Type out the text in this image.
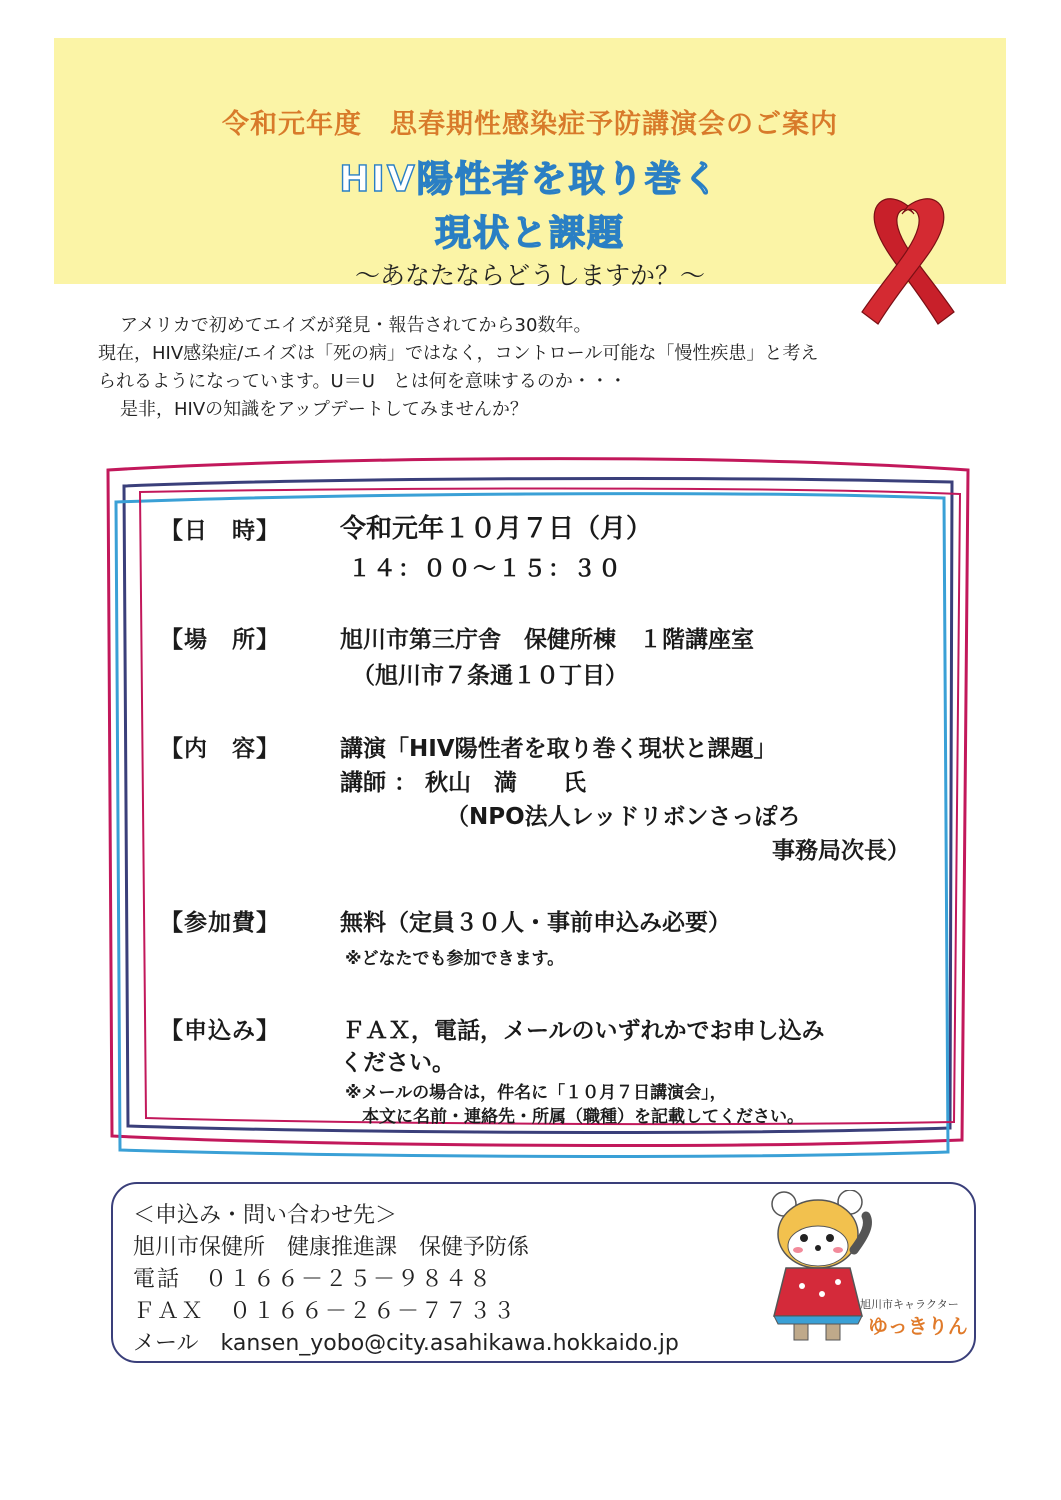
令和元年度　思春期性感染症予防講演会のご案内
HIV陽性者を取り巻く
現状と課題
～あなたならどうしますか？～
アメリカで初めてエイズが発見・報告されてから30数年。
現在，HIV感染症/エイズは「死の病」ではなく，コントロール可能な「慢性疾患」と考え
られるようになっています。U＝U　とは何を意味するのか・・・
是非，HIVの知識をアップデートしてみませんか？
【日　時】 令和元年１０月７日（月）
１４：００～１５：３０
【場　所】	旭川市第三庁舎　保健所棟　１階講座室
（旭川市７条通１０丁目）
【内　容】	講演「HIV陽性者を取り巻く現状と課題」
講師 ： 秋山　満　　氏
（NPO法人レッドリボンさっぽろ
事務局次長）
【参加費】	無料（定員３０人・事前申込み必要）
※どなたでも参加できます。
【申込み】	ＦＡＸ，電話，メールのいずれかでお申し込み
ください。
※メールの場合は，件名に「１０月７日講演会」，
本文に名前・連絡先・所属（職種）を記載してください。
＜申込み・問い合わせ先＞
旭川市保健所　健康推進課　保健予防係
電話　０１６６－２５－９８４８
ＦＡＸ　０１６６－２６－７７３３
メール　kansen_yobo@city.asahikawa.hokkaido.jp
旭川市キャラクター
ゆっきりん
